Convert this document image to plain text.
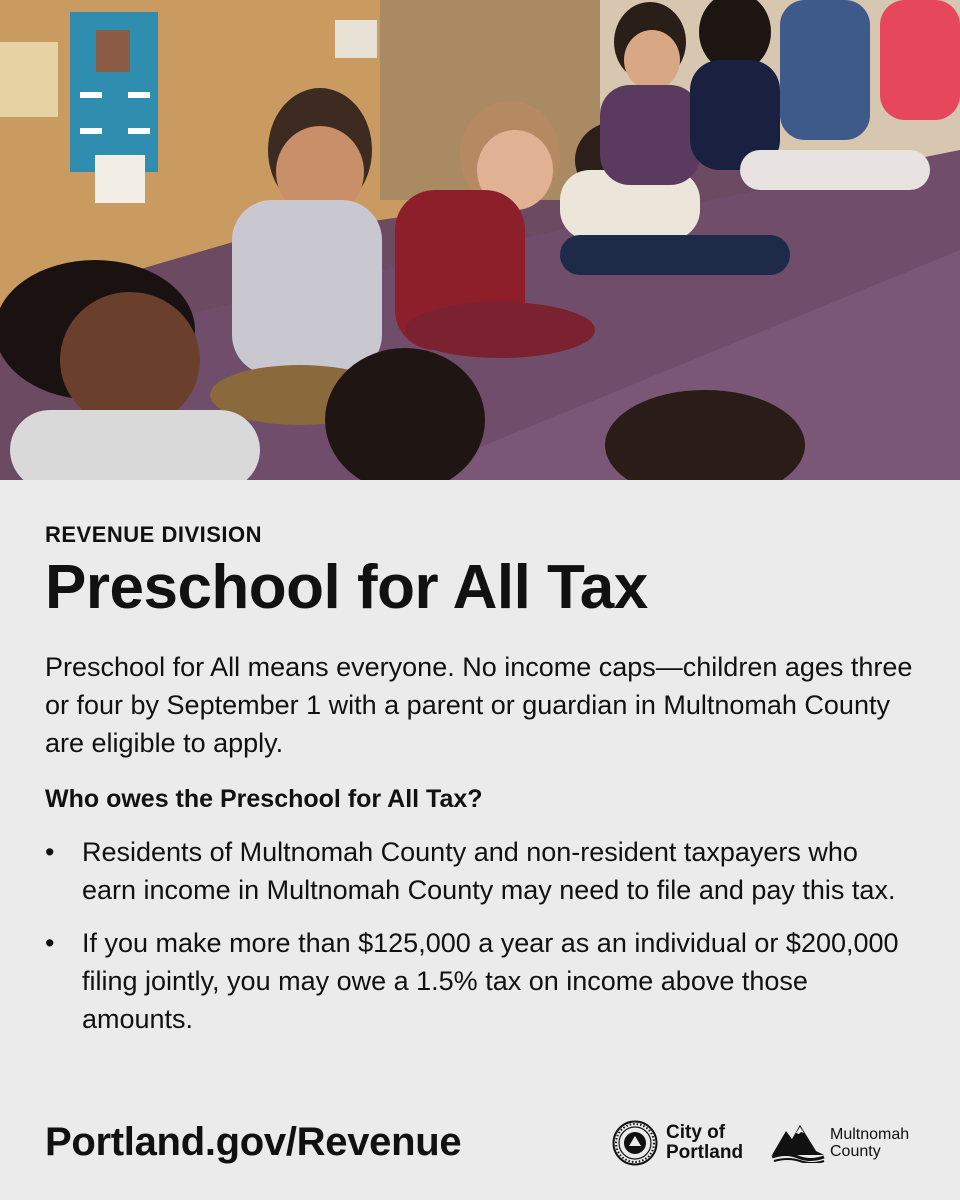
REVENUE DIVISION
Preschool for All Tax
Preschool for All means everyone. No income caps—children ages three or four by September 1 with a parent or guardian in Multnomah County are eligible to apply.
Who owes the Preschool for All Tax?
• Residents of Multnomah County and non-resident taxpayers who earn income in Multnomah County may need to file and pay this tax.
• If you make more than $125,000 a year as an individual or $200,000 filing jointly, you may owe a 1.5% tax on income above those amounts.
Portland.gov/Revenue	City of
Portland
Multnomah
County
